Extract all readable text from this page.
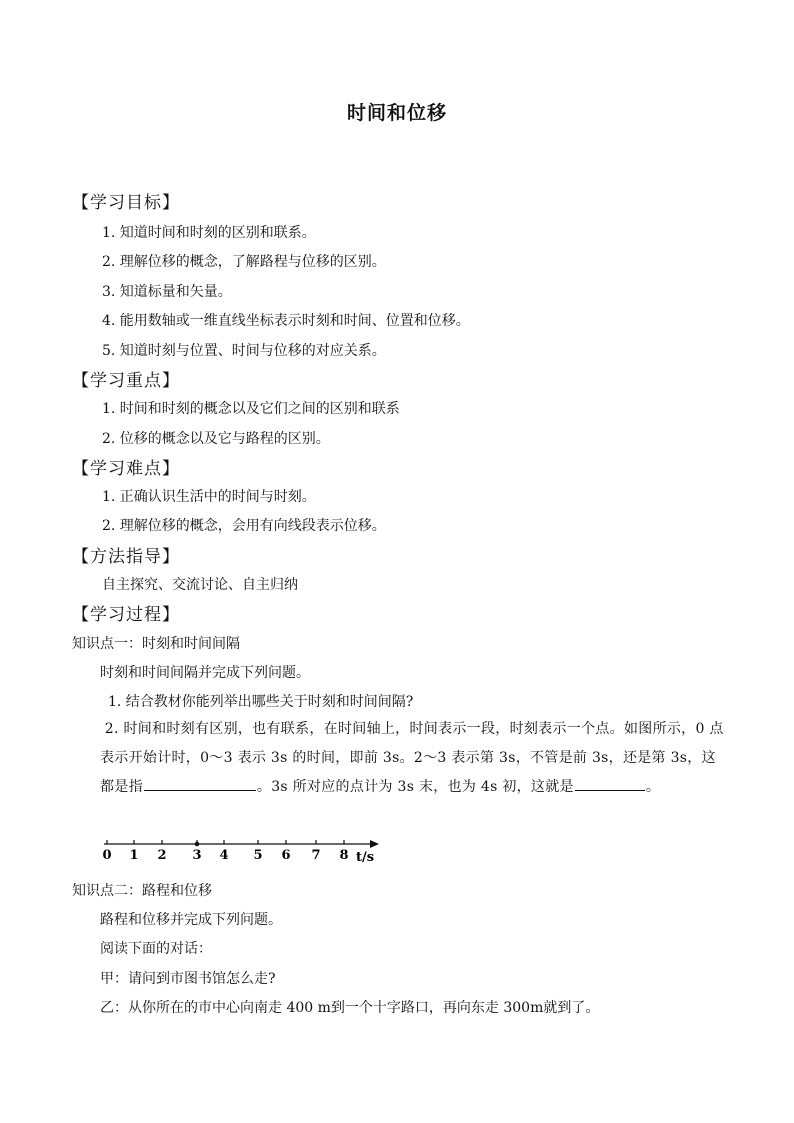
时间和位移
【学习目标】
1. 知道时间和时刻的区别和联系。
2. 理解位移的概念，了解路程与位移的区别。
3. 知道标量和矢量。
4. 能用数轴或一维直线坐标表示时刻和时间、位置和位移。
5. 知道时刻与位置、时间与位移的对应关系。
【学习重点】
1. 时间和时刻的概念以及它们之间的区别和联系
2. 位移的概念以及它与路程的区别。
【学习难点】
1. 正确认识生活中的时间与时刻。
2. 理解位移的概念，会用有向线段表示位移。
【方法指导】
自主探究、交流讨论、自主归纳
【学习过程】
知识点一：时刻和时间间隔
时刻和时间间隔并完成下列问题。
1. 结合教材你能列举出哪些关于时刻和时间间隔?
2. 时间和时刻有区别，也有联系，在时间轴上，时间表示一段，时刻表示一个点。如图所示，0 点表示开始计时，0～3 表示 3s 的时间，即前 3s。2～3 表示第 3s，不管是前 3s，还是第 3s，这都是指	。3s 所对应的点计为 3s 末，也为 4s 初，这就是	。
0 1 2 3 4 5 6 7 8 t/s
知识点二：路程和位移
路程和位移并完成下列问题。
阅读下面的对话：
甲：请问到市图书馆怎么走?
乙：从你所在的市中心向南走 400 m到一个十字路口，再向东走 300m就到了。
